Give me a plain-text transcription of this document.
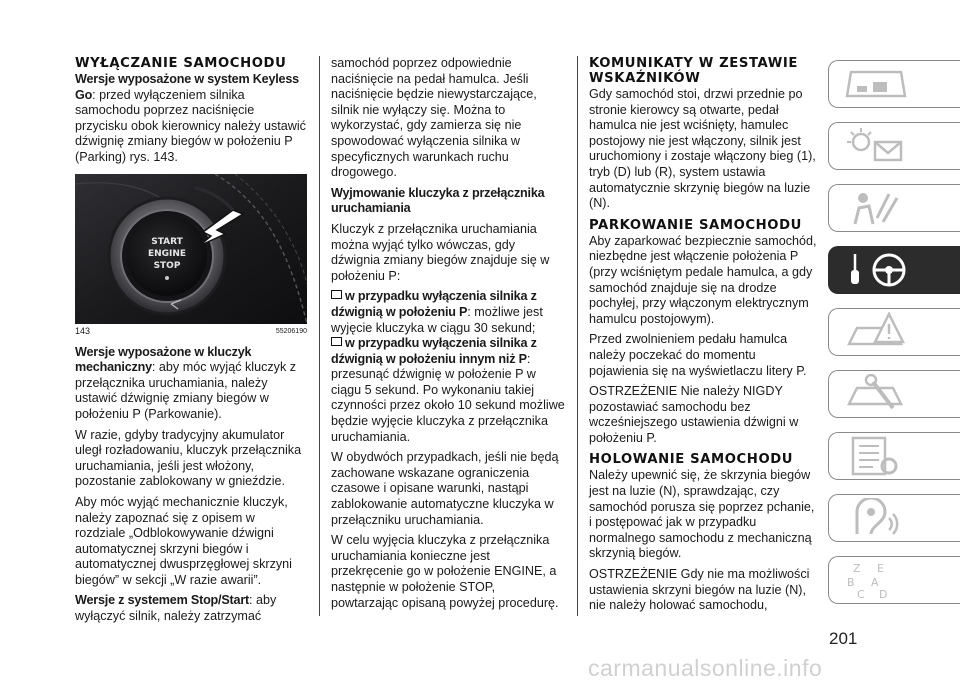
WYŁĄCZANIE SAMOCHODU

Wersje wyposażone w system Keyless Go: przed wyłączeniem silnika samochodu poprzez naciśnięcie przycisku obok kierownicy należy ustawić dźwignię zmiany biegów w położeniu P (Parking) rys. 143.

START
ENGINE
STOP
143	55206190

Wersje wyposażone w kluczyk mechaniczny: aby móc wyjąć kluczyk z przełącznika uruchamiania, należy ustawić dźwignię zmiany biegów w położeniu P (Parkowanie).

W razie, gdyby tradycyjny akumulator uległ rozładowaniu, kluczyk przełącznika uruchamiania, jeśli jest włożony, pozostanie zablokowany w gnieździe.

Aby móc wyjąć mechanicznie kluczyk, należy zapoznać się z opisem w rozdziale „Odblokowywanie dźwigni automatycznej skrzyni biegów i automatycznej dwusprzęgłowej skrzyni biegów” w sekcji „W razie awarii”.

Wersje z systemem Stop/Start: aby wyłączyć silnik, należy zatrzymać

samochód poprzez odpowiednie naciśnięcie na pedał hamulca. Jeśli naciśnięcie będzie niewystarczające, silnik nie wyłączy się. Można to wykorzystać, gdy zamierza się nie spowodować wyłączenia silnika w specyficznych warunkach ruchu drogowego.

Wyjmowanie kluczyka z przełącznika uruchamiania

Kluczyk z przełącznika uruchamiania można wyjąć tylko wówczas, gdy dźwignia zmiany biegów znajduje się w położeniu P:

w przypadku wyłączenia silnika z dźwignią w położeniu P: możliwe jest wyjęcie kluczyka w ciągu 30 sekund;

w przypadku wyłączenia silnika z dźwignią w położeniu innym niż P: przesunąć dźwignię w położenie P w ciągu 5 sekund. Po wykonaniu takiej czynności przez około 10 sekund możliwe będzie wyjęcie kluczyka z przełącznika uruchamiania.

W obydwóch przypadkach, jeśli nie będą zachowane wskazane ograniczenia czasowe i opisane warunki, nastąpi zablokowanie automatyczne kluczyka w przełączniku uruchamiania.

W celu wyjęcia kluczyka z przełącznika uruchamiania konieczne jest przekręcenie go w położenie ENGINE, a następnie w położenie STOP, powtarzając opisaną powyżej procedurę.

KOMUNIKATY W ZESTAWIE WSKAŹNIKÓW

Gdy samochód stoi, drzwi przednie po stronie kierowcy są otwarte, pedał hamulca nie jest wciśnięty, hamulec postojowy nie jest włączony, silnik jest uruchomiony i zostaje włączony bieg (1), tryb (D) lub (R), system ustawia automatycznie skrzynię biegów na luzie (N).

PARKOWANIE SAMOCHODU

Aby zaparkować bezpiecznie samochód, niezbędne jest włączenie położenia P (przy wciśniętym pedale hamulca, a gdy samochód znajduje się na drodze pochyłej, przy włączonym elektrycznym hamulcu postojowym).

Przed zwolnieniem pedału hamulca należy poczekać do momentu pojawienia się na wyświetlaczu litery P.

OSTRZEŻENIE Nie należy NIGDY pozostawiać samochodu bez wcześniejszego ustawienia dźwigni w położeniu P.

HOLOWANIE SAMOCHODU

Należy upewnić się, że skrzynia biegów jest na luzie (N), sprawdzając, czy samochód porusza się poprzez pchanie, i postępować jak w przypadku normalnego samochodu z mechaniczną skrzynią biegów.

OSTRZEŻENIE Gdy nie ma możliwości ustawienia skrzyni biegów na luzie (N), nie należy holować samochodu,

Z E
B A
C D
201
carmanualsonline.info
